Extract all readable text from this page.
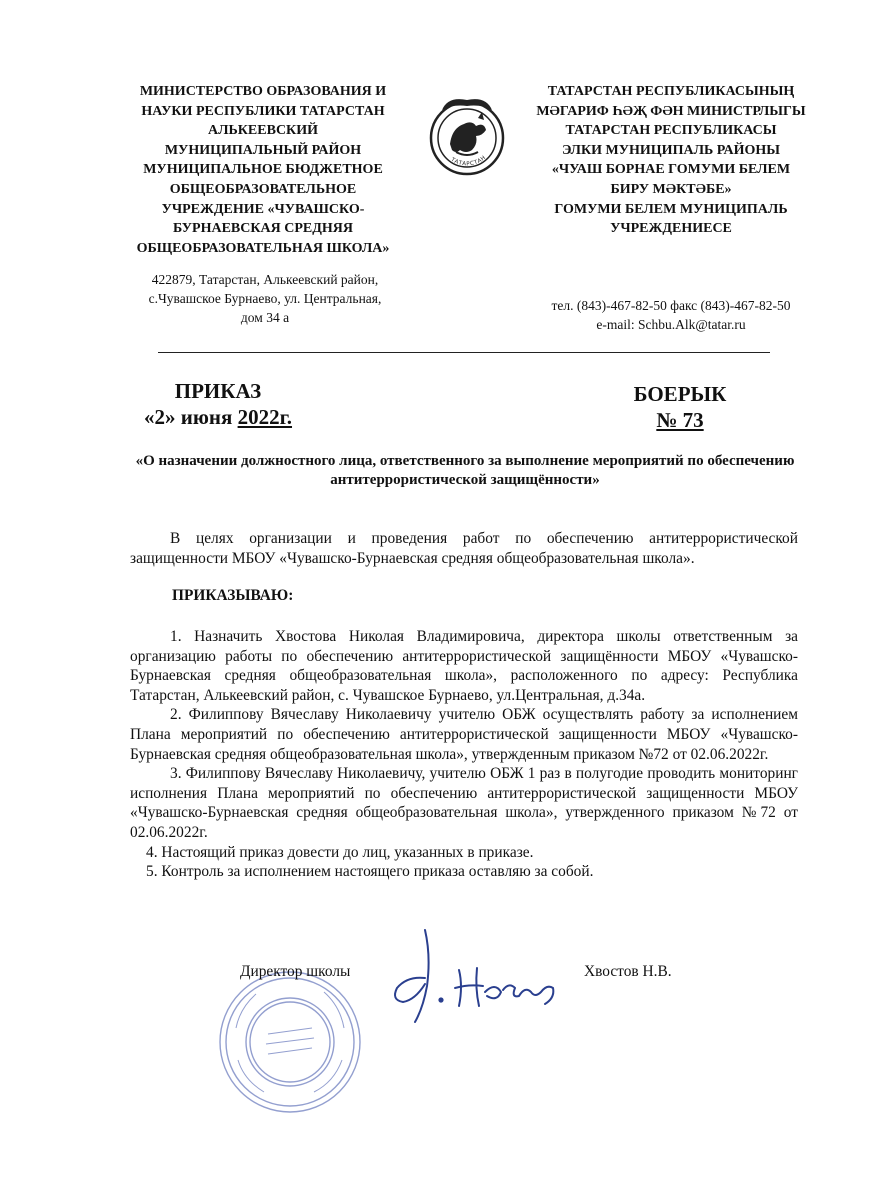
МИНИСТЕРСТВО ОБРАЗОВАНИЯ И

НАУКИ РЕСПУБЛИКИ ТАТАРСТАН

АЛЬКЕЕВСКИЙ

МУНИЦИПАЛЬНЫЙ РАЙОН

МУНИЦИПАЛЬНОЕ БЮДЖЕТНОЕ

ОБЩЕОБРАЗОВАТЕЛЬНОЕ

УЧРЕЖДЕНИЕ «ЧУВАШСКО-

БУРНАЕВСКАЯ СРЕДНЯЯ

ОБЩЕОБРАЗОВАТЕЛЬНАЯ ШКОЛА»

422879, Татарстан, Алькеевский район,
с.Чувашское Бурнаево, ул. Центральная,
дом 34 а
ТАТАРСТАН

ТАТАРСТАН РЕСПУБЛИКАСЫНЫҢ

МӘГАРИФ ҺӘҖ ФӘН МИНИСТРЛЫГЫ

ТАТАРСТАН РЕСПУБЛИКАСЫ

ЭЛКИ МУНИЦИПАЛЬ РАЙОНЫ

«ЧУАШ БОРНАЕ ГОМУМИ БЕЛЕМ

БИРУ МӘКТӘБЕ»

ГОМУМИ БЕЛЕМ МУНИЦИПАЛЬ

УЧРЕЖДЕНИЕСЕ

тел. (843)-467-82-50 факс (843)-467-82-50
e-mail: Schbu.Alk@tatar.ru
ПРИКАЗ
«2» июня 2022г.
БОЕРЫК
№ 73
«О назначении должностного лица, ответственного за выполнение мероприятий по обеспечению антитеррористической защищённости»

В целях организации и проведения работ по обеспечению антитеррористической защищенности МБОУ «Чувашско-Бурнаевская средняя общеобразовательная школа».

ПРИКАЗЫВАЮ:

1. Назначить Хвостова Николая Владимировича, директора школы ответственным за организацию работы по обеспечению антитеррористической защищённости МБОУ «Чувашско-Бурнаевская средняя общеобразовательная школа», расположенного по адресу: Республика Татарстан, Алькеевский район, с. Чувашское Бурнаево, ул.Центральная, д.34а.

2. Филиппову Вячеславу Николаевичу учителю ОБЖ осуществлять работу за исполнением Плана мероприятий по обеспечению антитеррористической защищенности МБОУ «Чувашско-Бурнаевская средняя общеобразовательная школа», утвержденным приказом №72 от 02.06.2022г.

3. Филиппову Вячеславу Николаевичу, учителю ОБЖ 1 раз в полугодие проводить мониторинг исполнения Плана мероприятий по обеспечению антитеррористической защищенности МБОУ «Чувашско-Бурнаевская средняя общеобразовательная школа», утвержденного приказом №72 от 02.06.2022г.

4. Настоящий приказ довести до лиц, указанных в приказе.

5. Контроль за исполнением настоящего приказа оставляю за собой.

Директор школы	Хвостов Н.В.
